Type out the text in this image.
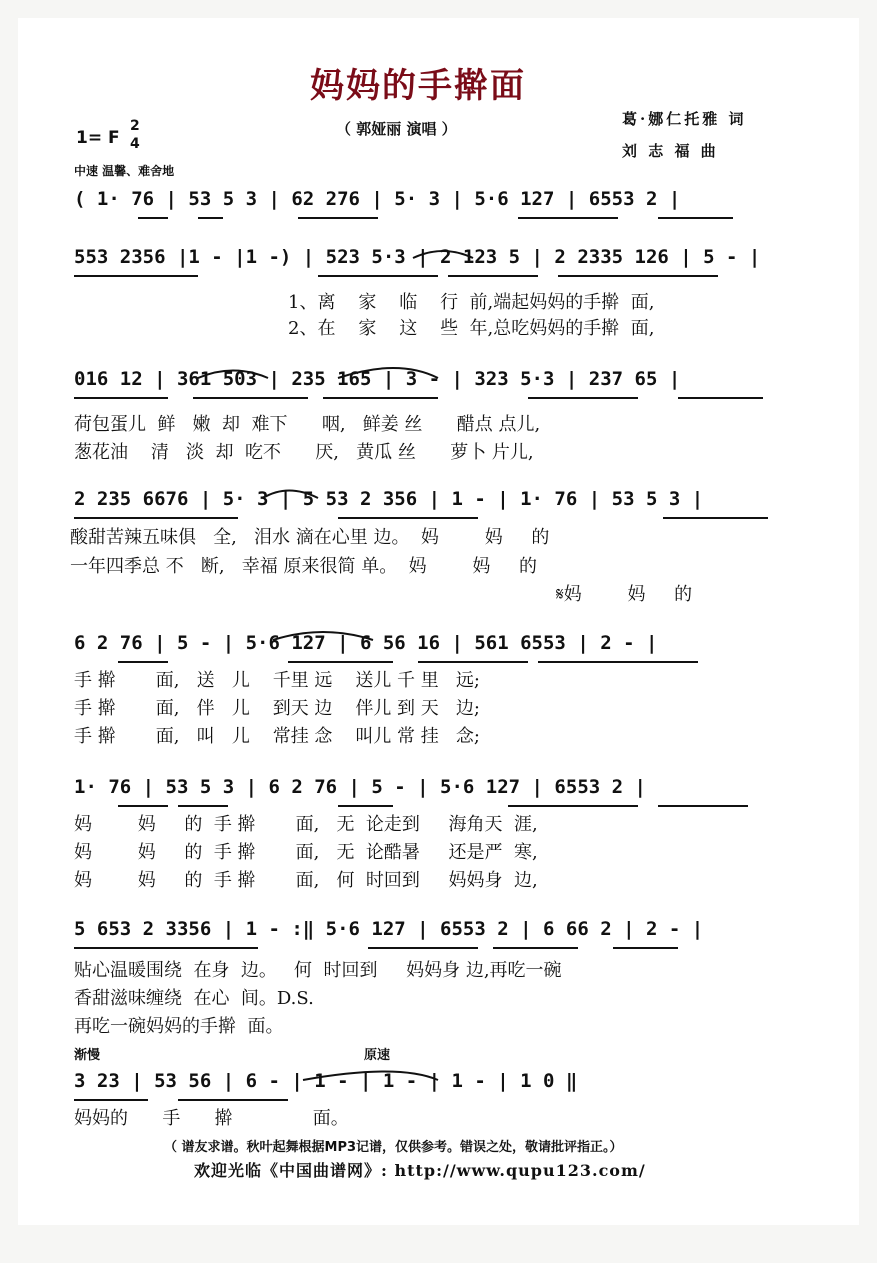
妈妈的手擀面
（ 郭娅丽 演唱 ）
葛·娜仁托雅 词
刘 志 福 曲
1= F
2
4
中速 温馨、难舍地
( 1· 76 | 53 5 3 | 62 276 | 5· 3 | 5·6 127 | 6553 2 |
553 2356 |1 - |1 -) | 523 5·3 | 2 123 5 | 2 2335 126 | 5 - |
1、离    家    临    行  前,端起妈妈的手擀  面,
2、在    家    这    些  年,总吃妈妈的手擀  面,
016 12 | 361 503 | 235 165 | 3 - | 323 5·3 | 237 65 |
荷包蛋儿  鲜   嫩  却  难下      咽,   鲜姜 丝      醋点 点儿,
葱花油    清   淡  却  吃不      厌,   黄瓜 丝      萝卜 片儿,
2 235 6676 | 5· 3 | 5 53 2 356 | 1 - | 1· 76 | 53 5 3 |
酸甜苦辣五味俱   全,   泪水 滴在心里 边。  妈        妈     的
一年四季总 不   断,   幸福 原来很简 单。  妈        妈     的
𝄋妈        妈     的
6 2 76 | 5 - | 5·6 127 | 6 56 16 | 561 6553 | 2 - |
手 擀       面,   送   儿    千里 远    送儿 千 里   远;
手 擀       面,   伴   儿    到天 边    伴儿 到 天   边;
手 擀       面,   叫   儿    常挂 念    叫儿 常 挂   念;
1· 76 | 53 5 3 | 6 2 76 | 5 - | 5·6 127 | 6553 2 |
妈        妈     的  手 擀       面,   无  论走到     海角天  涯,
妈        妈     的  手 擀       面,   无  论酷暑     还是严  寒,
妈        妈     的  手 擀       面,   何  时回到     妈妈身  边,
5 653 2 3356 | 1 - :‖ 5·6 127 | 6553 2 | 6 66 2 | 2 - |
贴心温暖围绕  在身  边。   何  时回到     妈妈身 边,再吃一碗
香甜滋味缠绕  在心  间。D.S.
再吃一碗妈妈的手擀  面。
渐慢	原速
3 23 | 53 56 | 6 - | 1 - | 1 - | 1 - | 1 0 ‖
妈妈的      手      擀              面。
（ 谱友求谱。秋叶起舞根据MP3记谱，仅供参考。错误之处，敬请批评指正。）
欢迎光临《中国曲谱网》: http://www.qupu123.com/
